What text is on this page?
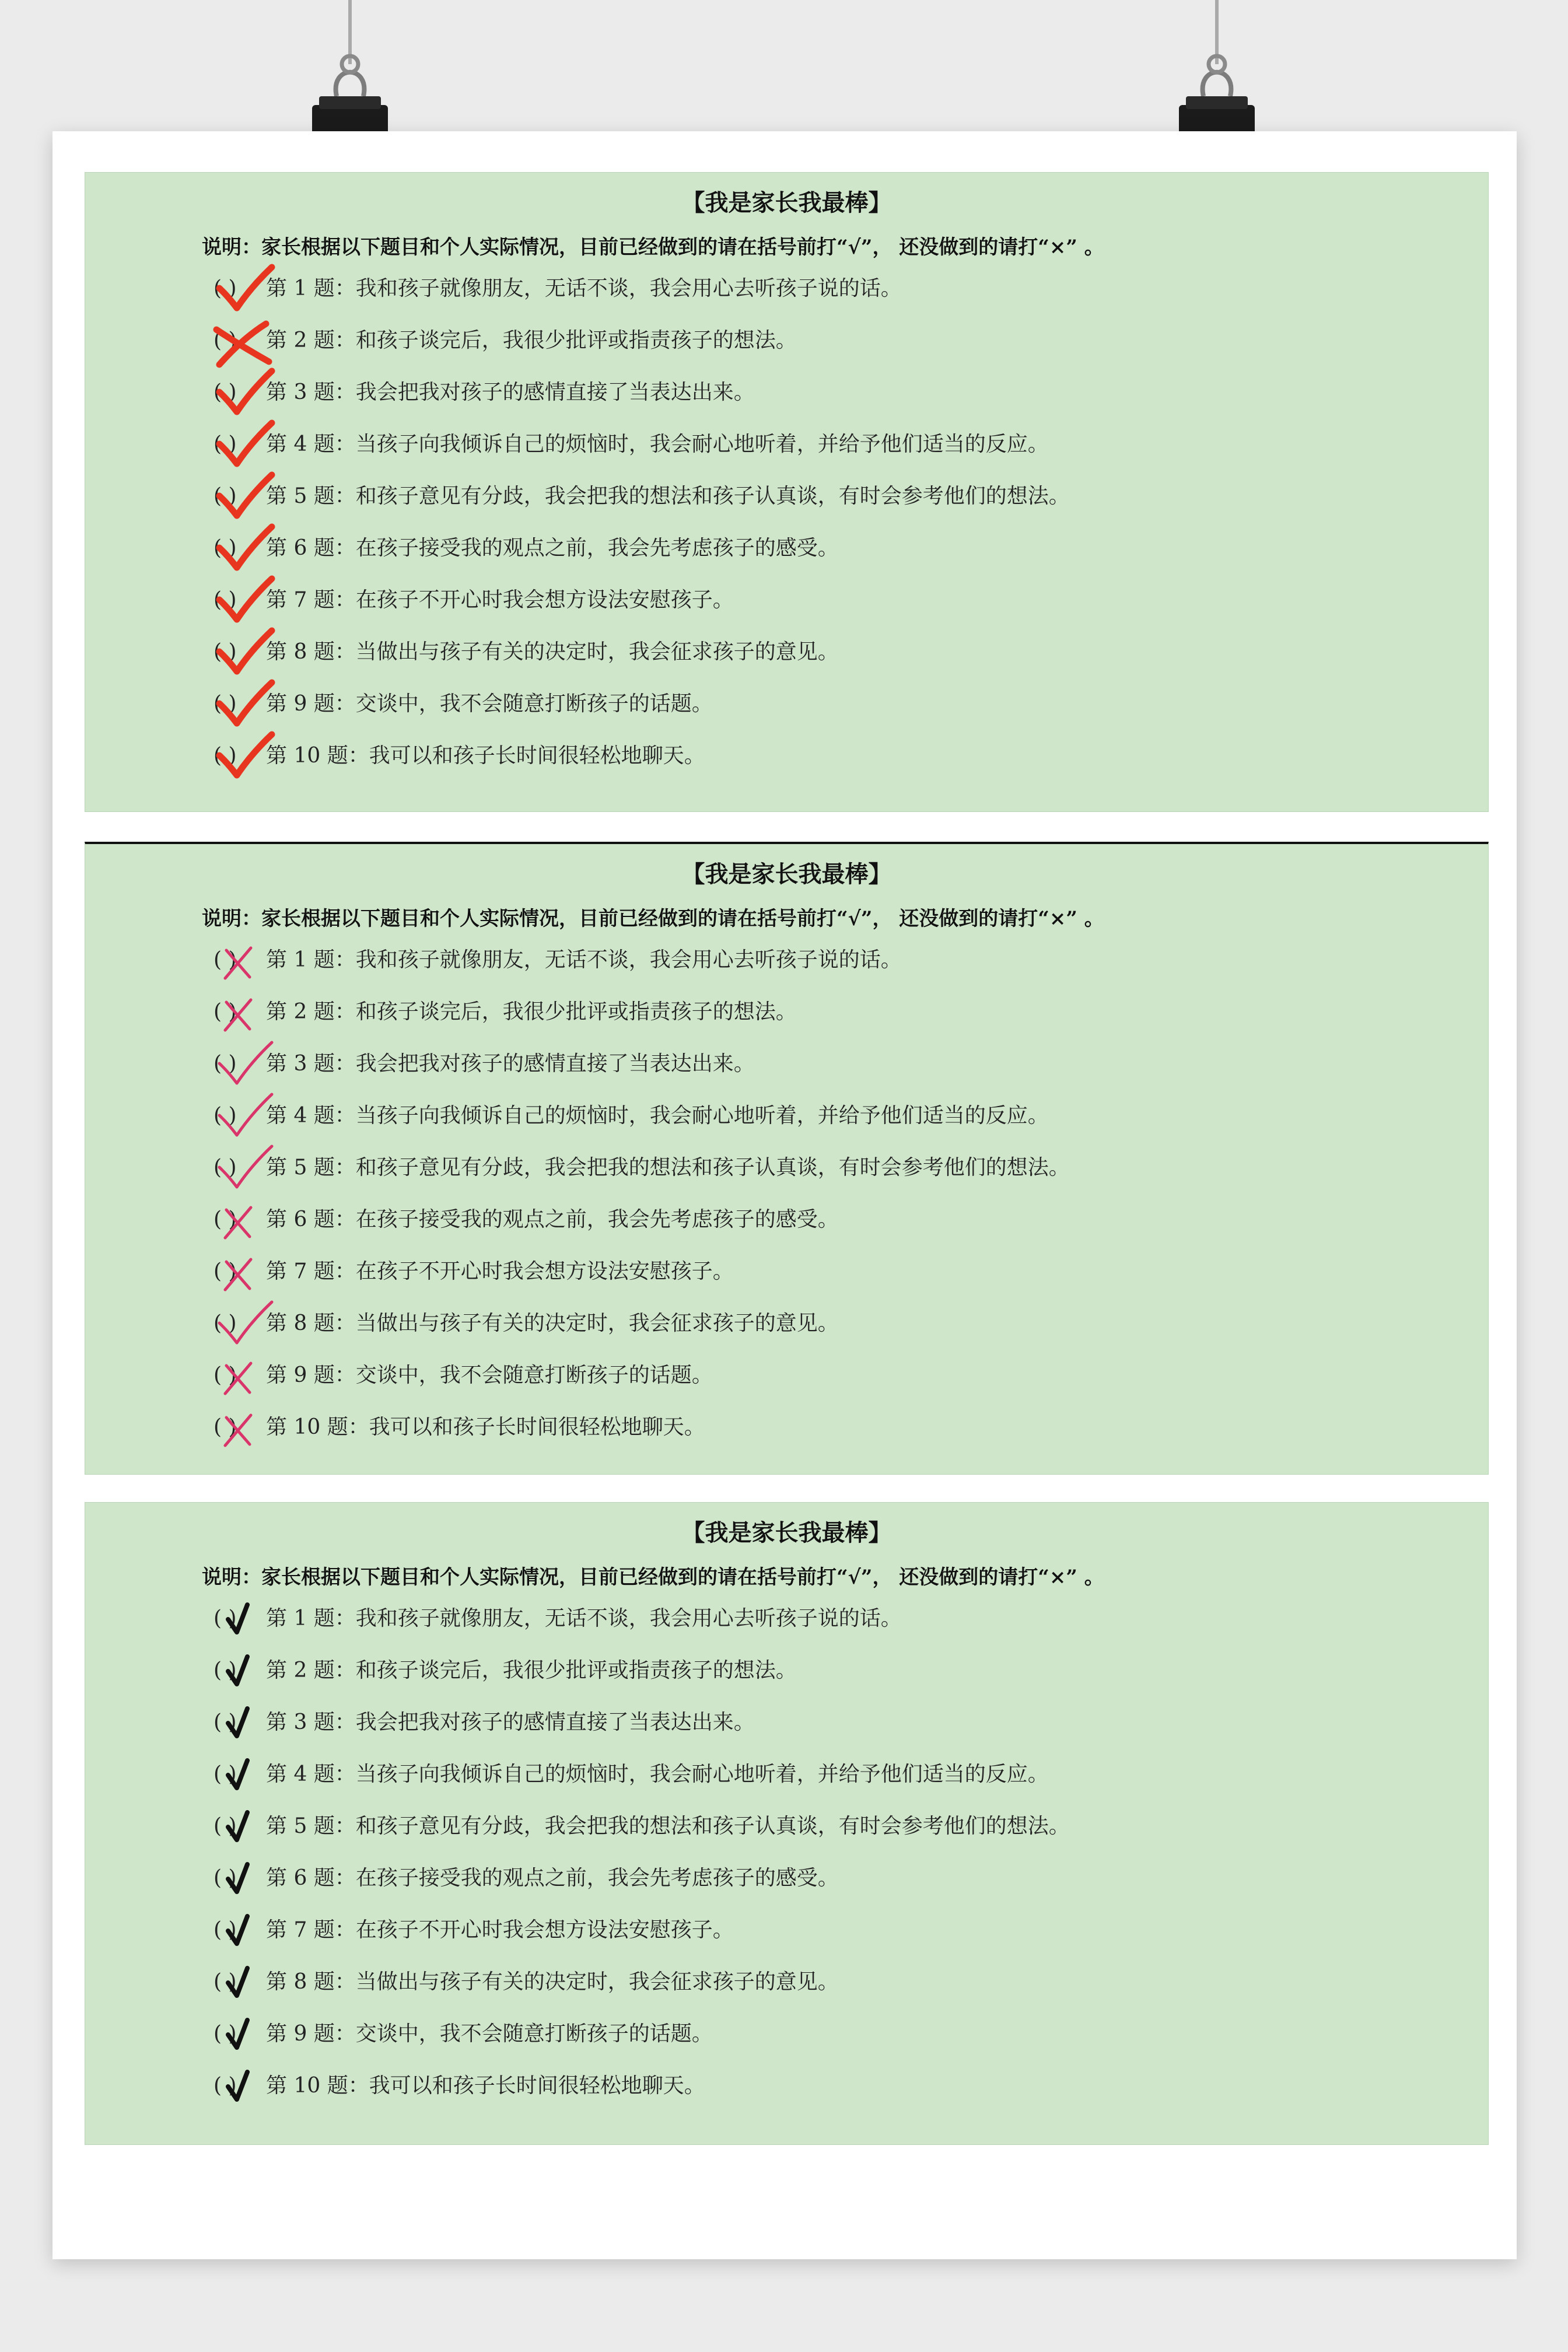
【我是家长我最棒】
说明：家长根据以下题目和个人实际情况，目前已经做到的请在括号前打“√”， 还没做到的请打“×” 。
( ) 第 1 题：我和孩子就像朋友，无话不谈，我会用心去听孩子说的话。
( ) 第 2 题：和孩子谈完后，我很少批评或指责孩子的想法。
( ) 第 3 题：我会把我对孩子的感情直接了当表达出来。
( ) 第 4 题：当孩子向我倾诉自己的烦恼时，我会耐心地听着，并给予他们适当的反应。
( ) 第 5 题：和孩子意见有分歧，我会把我的想法和孩子认真谈，有时会参考他们的想法。
( ) 第 6 题：在孩子接受我的观点之前，我会先考虑孩子的感受。
( ) 第 7 题：在孩子不开心时我会想方设法安慰孩子。
( ) 第 8 题：当做出与孩子有关的决定时，我会征求孩子的意见。
( ) 第 9 题：交谈中，我不会随意打断孩子的话题。
( ) 第 10 题：我可以和孩子长时间很轻松地聊天。
【我是家长我最棒】
说明：家长根据以下题目和个人实际情况，目前已经做到的请在括号前打“√”， 还没做到的请打“×” 。
( ) 第 1 题：我和孩子就像朋友，无话不谈，我会用心去听孩子说的话。
( ) 第 2 题：和孩子谈完后，我很少批评或指责孩子的想法。
( ) 第 3 题：我会把我对孩子的感情直接了当表达出来。
( ) 第 4 题：当孩子向我倾诉自己的烦恼时，我会耐心地听着，并给予他们适当的反应。
( ) 第 5 题：和孩子意见有分歧，我会把我的想法和孩子认真谈，有时会参考他们的想法。
( ) 第 6 题：在孩子接受我的观点之前，我会先考虑孩子的感受。
( ) 第 7 题：在孩子不开心时我会想方设法安慰孩子。
( ) 第 8 题：当做出与孩子有关的决定时，我会征求孩子的意见。
( ) 第 9 题：交谈中，我不会随意打断孩子的话题。
( ) 第 10 题：我可以和孩子长时间很轻松地聊天。
【我是家长我最棒】
说明：家长根据以下题目和个人实际情况，目前已经做到的请在括号前打“√”， 还没做到的请打“×” 。
( ) 第 1 题：我和孩子就像朋友，无话不谈，我会用心去听孩子说的话。
( ) 第 2 题：和孩子谈完后，我很少批评或指责孩子的想法。
( ) 第 3 题：我会把我对孩子的感情直接了当表达出来。
( ) 第 4 题：当孩子向我倾诉自己的烦恼时，我会耐心地听着，并给予他们适当的反应。
( ) 第 5 题：和孩子意见有分歧，我会把我的想法和孩子认真谈，有时会参考他们的想法。
( ) 第 6 题：在孩子接受我的观点之前，我会先考虑孩子的感受。
( ) 第 7 题：在孩子不开心时我会想方设法安慰孩子。
( ) 第 8 题：当做出与孩子有关的决定时，我会征求孩子的意见。
( ) 第 9 题：交谈中，我不会随意打断孩子的话题。
( ) 第 10 题：我可以和孩子长时间很轻松地聊天。
